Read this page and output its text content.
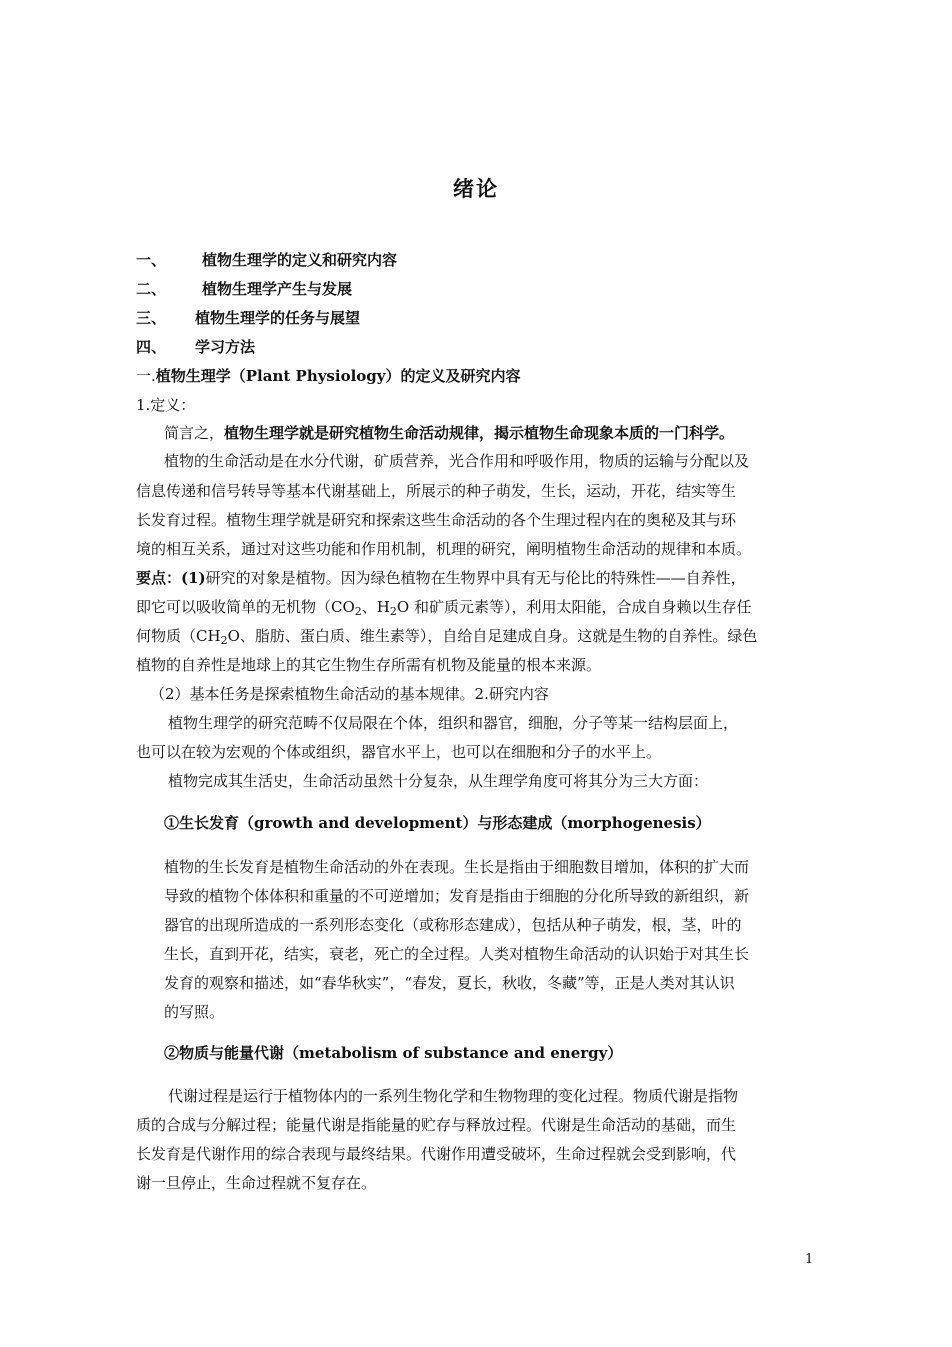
绪论
一、 植物生理学的定义和研究内容
二、 植物生理学产生与发展
三、 植物生理学的任务与展望
四、 学习方法
一.植物生理学（Plant Physiology）的定义及研究内容
1.定义：
简言之，植物生理学就是研究植物生命活动规律，揭示植物生命现象本质的一门科学。
植物的生命活动是在水分代谢，矿质营养，光合作用和呼吸作用，物质的运输与分配以及
信息传递和信号转导等基本代谢基础上，所展示的种子萌发，生长，运动，开花，结实等生
长发育过程。植物生理学就是研究和探索这些生命活动的各个生理过程内在的奥秘及其与环
境的相互关系，通过对这些功能和作用机制，机理的研究，阐明植物生命活动的规律和本质。
要点：(1)研究的对象是植物。因为绿色植物在生物界中具有无与伦比的特殊性——自养性，
即它可以吸收简单的无机物（$CO_2$、$H_2O$ 和矿质元素等），利用太阳能，合成自身赖以生存任
何物质（$CH_2O$、脂肪、蛋白质、维生素等），自给自足建成自身。这就是生物的自养性。绿色
植物的自养性是地球上的其它生物生存所需有机物及能量的根本来源。
（2）基本任务是探索植物生命活动的基本规律。2.研究内容
植物生理学的研究范畴不仅局限在个体，组织和器官，细胞，分子等某一结构层面上，
也可以在较为宏观的个体或组织，器官水平上，也可以在细胞和分子的水平上。
植物完成其生活史，生命活动虽然十分复杂，从生理学角度可将其分为三大方面：
①生长发育（growth and development）与形态建成（morphogenesis）
植物的生长发育是植物生命活动的外在表现。生长是指由于细胞数目增加，体积的扩大而
导致的植物个体体积和重量的不可逆增加；发育是指由于细胞的分化所导致的新组织，新
器官的出现所造成的一系列形态变化（或称形态建成），包括从种子萌发，根，茎，叶的
生长，直到开花，结实，衰老，死亡的全过程。人类对植物生命活动的认识始于对其生长
发育的观察和描述，如“春华秋实”，“春发，夏长，秋收，冬藏”等，正是人类对其认识
的写照。
②物质与能量代谢（metabolism of substance and energy）
代谢过程是运行于植物体内的一系列生物化学和生物物理的变化过程。物质代谢是指物
质的合成与分解过程；能量代谢是指能量的贮存与释放过程。代谢是生命活动的基础，而生
长发育是代谢作用的综合表现与最终结果。代谢作用遭受破坏，生命过程就会受到影响，代
谢一旦停止，生命过程就不复存在。
1
